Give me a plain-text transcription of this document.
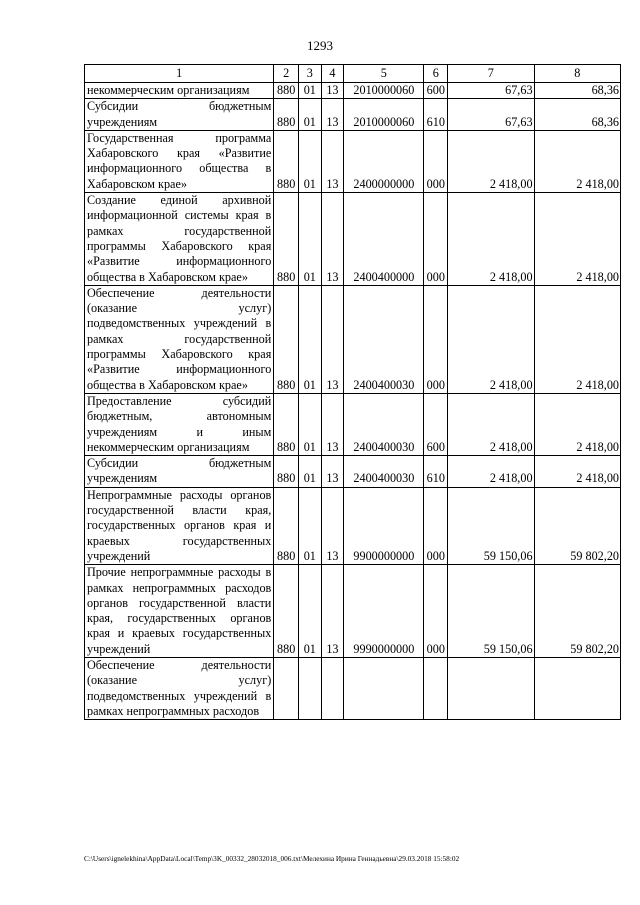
1293
1	2	3	4	5	6	7	8
некоммерческим организациям	880	01	13	2010000060	600	67,63	68,36
Субсидии бюджетным учреждениям	880	01	13	2010000060	610	67,63	68,36
Государственная программа Хабаровского края «Развитие информационного общества в Хабаровском крае»	880	01	13	2400000000	000	2 418,00	2 418,00
Создание единой архивной информационной системы края в рамках государственной программы Хабаровского края «Развитие информационного общества в Хабаровском крае»	880	01	13	2400400000	000	2 418,00	2 418,00
Обеспечение деятельности (оказание услуг) подведомственных учреждений в рамках государственной программы Хабаровского края «Развитие информационного общества в Хабаровском крае»	880	01	13	2400400030	000	2 418,00	2 418,00
Предоставление субсидий бюджетным, автономным учреждениям и иным некоммерческим организациям	880	01	13	2400400030	600	2 418,00	2 418,00
Субсидии бюджетным учреждениям	880	01	13	2400400030	610	2 418,00	2 418,00
Непрограммные расходы органов государственной власти края, государственных органов края и краевых государственных учреждений	880	01	13	9900000000	000	59 150,06	59 802,20
Прочие непрограммные расходы в рамках непрограммных расходов органов государственной власти края, государственных органов края и краевых государственных учреждений	880	01	13	9990000000	000	59 150,06	59 802,20
Обеспечение деятельности (оказание услуг) подведомственных учреждений в рамках непрограммных расходов							
C:\Users\ignelekhina\AppData\Local\Temp\3K_00332_28032018_006.txt\Мелехина Ирина Геннадьевна\29.03.2018 15:58:02
